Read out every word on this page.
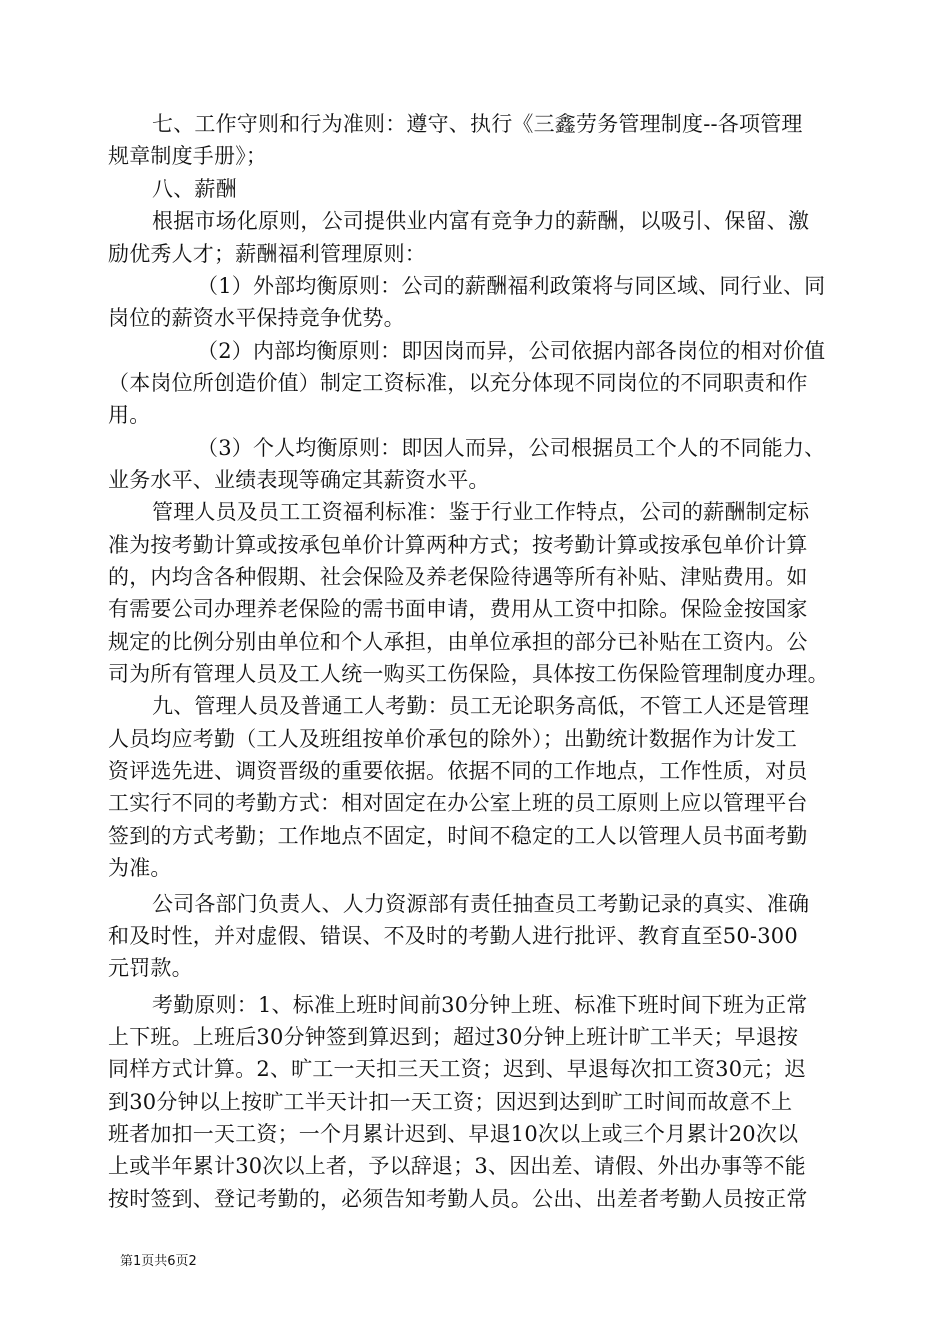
七、工作守则和行为准则：遵守、执行《三鑫劳务管理制度--各项管理
规章制度手册》；
八、薪酬
根据市场化原则，公司提供业内富有竞争力的薪酬，以吸引、保留、激
励优秀人才；薪酬福利管理原则：
（1）外部均衡原则：公司的薪酬福利政策将与同区域、同行业、同
岗位的薪资水平保持竞争优势。
（2）内部均衡原则：即因岗而异，公司依据内部各岗位的相对价值
（本岗位所创造价值）制定工资标准，以充分体现不同岗位的不同职责和作
用。
（3）个人均衡原则：即因人而异，公司根据员工个人的不同能力、
业务水平、业绩表现等确定其薪资水平。
管理人员及员工工资福利标准：鉴于行业工作特点，公司的薪酬制定标
准为按考勤计算或按承包单价计算两种方式；按考勤计算或按承包单价计算
的，内均含各种假期、社会保险及养老保险待遇等所有补贴、津贴费用。如
有需要公司办理养老保险的需书面申请，费用从工资中扣除。保险金按国家
规定的比例分别由单位和个人承担，由单位承担的部分已补贴在工资内。公
司为所有管理人员及工人统一购买工伤保险，具体按工伤保险管理制度办理。
九、管理人员及普通工人考勤：员工无论职务高低，不管工人还是管理
人员均应考勤（工人及班组按单价承包的除外）；出勤统计数据作为计发工
资评选先进、调资晋级的重要依据。依据不同的工作地点，工作性质，对员
工实行不同的考勤方式：相对固定在办公室上班的员工原则上应以管理平台
签到的方式考勤；工作地点不固定，时间不稳定的工人以管理人员书面考勤
为准。
公司各部门负责人、人力资源部有责任抽查员工考勤记录的真实、准确
和及时性，并对虚假、错误、不及时的考勤人进行批评、教育直至50-300
元罚款。
考勤原则：1、标准上班时间前30分钟上班、标准下班时间下班为正常
上下班。上班后30分钟签到算迟到；超过30分钟上班计旷工半天；早退按
同样方式计算。2、旷工一天扣三天工资；迟到、早退每次扣工资30元；迟
到30分钟以上按旷工半天计扣一天工资；因迟到达到旷工时间而故意不上
班者加扣一天工资；一个月累计迟到、早退10次以上或三个月累计20次以
上或半年累计30次以上者，予以辞退；3、因出差、请假、外出办事等不能
按时签到、登记考勤的，必须告知考勤人员。公出、出差者考勤人员按正常
第1页共6页2
